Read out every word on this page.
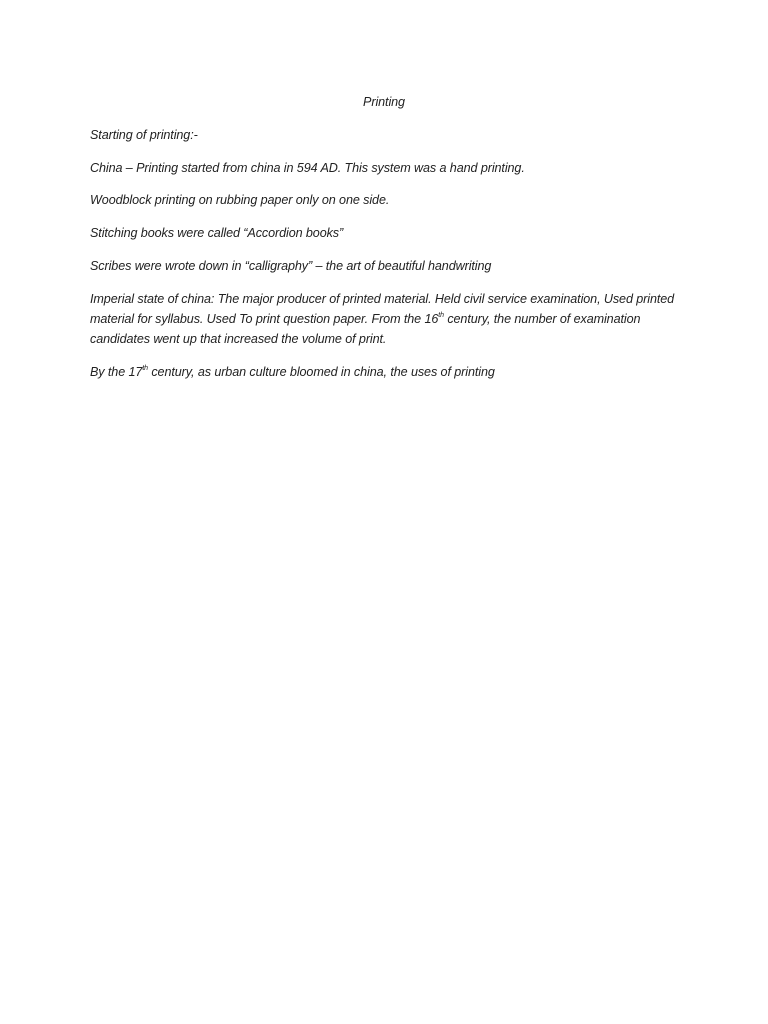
Printing

Starting of printing:-

China – Printing started from china in 594 AD. This system was a hand printing.

Woodblock printing on rubbing paper only on one side.

Stitching books were called “Accordion books”

Scribes were wrote down in “calligraphy” – the art of beautiful handwriting

Imperial state of china: The major producer of printed material. Held civil service examination, Used printed material for syllabus. Used To print question paper. From the 16th century, the number of examination candidates went up that increased the volume of print.

By the 17th century, as urban culture bloomed in china, the uses of printing
